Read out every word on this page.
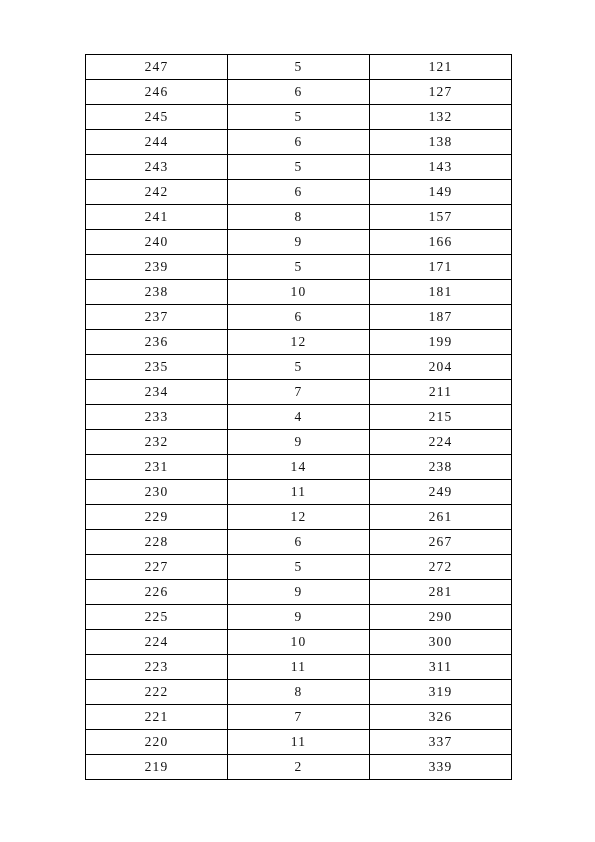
247	5	121
246	6	127
245	5	132
244	6	138
243	5	143
242	6	149
241	8	157
240	9	166
239	5	171
238	10	181
237	6	187
236	12	199
235	5	204
234	7	211
233	4	215
232	9	224
231	14	238
230	11	249
229	12	261
228	6	267
227	5	272
226	9	281
225	9	290
224	10	300
223	11	311
222	8	319
221	7	326
220	11	337
219	2	339
